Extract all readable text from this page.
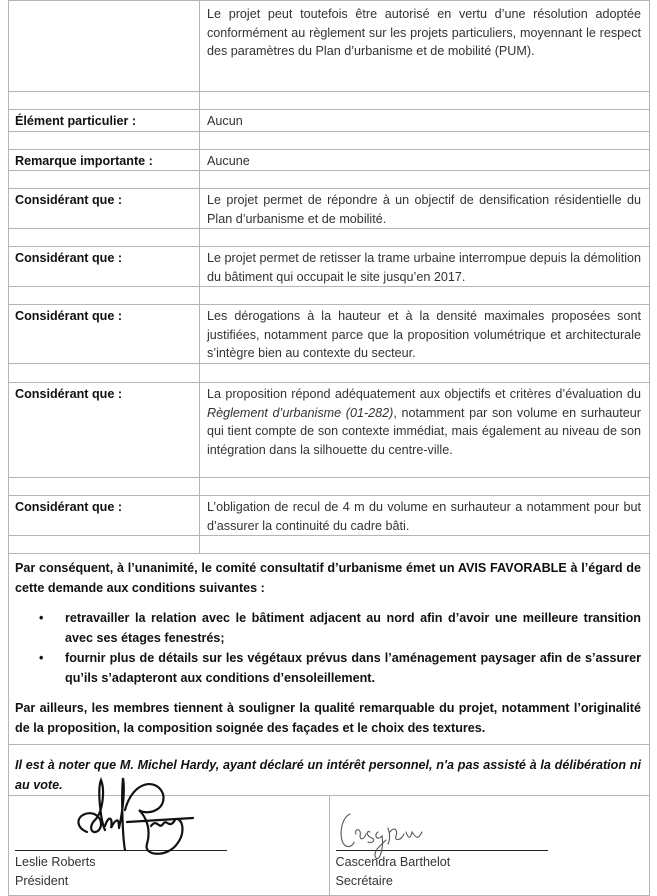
	Le projet peut toutefois être autorisé en vertu d’une résolution adoptée conformément au règlement sur les projets particuliers, moyennant le respect des paramètres du Plan d’urbanisme et de mobilité (PUM).

Élément particulier :	Aucun

Remarque importante :	Aucune

Considérant que :	Le projet permet de répondre à un objectif de densification résidentielle du Plan d’urbanisme et de mobilité.

Considérant que :	Le projet permet de retisser la trame urbaine interrompue depuis la démolition du bâtiment qui occupait le site jusqu’en 2017.

Considérant que :	Les dérogations à la hauteur et à la densité maximales proposées sont justifiées, notamment parce que la proposition volumétrique et architecturale s’intègre bien au contexte du secteur.

Considérant que :	La proposition répond adéquatement aux objectifs et critères d’évaluation du Règlement d’urbanisme (01-282), notamment par son volume en surhauteur qui tient compte de son contexte immédiat, mais également au niveau de son intégration dans la silhouette du centre-ville.

Considérant que :	L’obligation de recul de 4 m du volume en surhauteur a notamment pour but d’assurer la continuité du cadre bâti.

Par conséquent, à l’unanimité, le comité consultatif d’urbanisme émet un AVIS FAVORABLE à l’égard de cette demande aux conditions suivantes :
• retravailler la relation avec le bâtiment adjacent au nord afin d’avoir une meilleure transition avec ses étages fenestrés;
• fournir plus de détails sur les végétaux prévus dans l’aménagement paysager afin de s’assurer qu’ils s’adapteront aux conditions d’ensoleillement.
Par ailleurs, les membres tiennent à souligner la qualité remarquable du projet, notamment l’originalité de la proposition, la composition soignée des façades et le choix des textures.
Il est à noter que M. Michel Hardy, ayant déclaré un intérêt personnel, n'a pas assisté à la délibération ni au vote.
Leslie Roberts
Président

Cascendra Barthelot
Secrétaire
